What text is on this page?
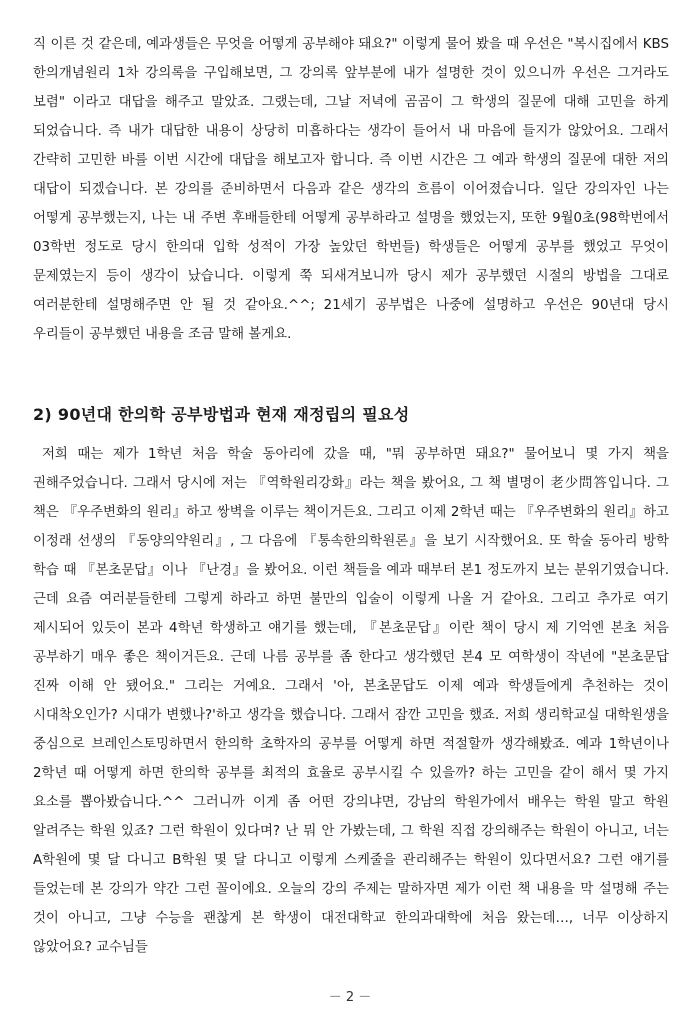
직 이른 것 같은데, 예과생들은 무엇을 어떻게 공부해야 돼요?" 이렇게 물어 봤을 때 우선은 "복시집에서 KBS 한의개념원리 1차 강의록을 구입해보면, 그 강의록 앞부분에 내가 설명한 것이 있으니까 우선은 그거라도 보렴" 이라고 대답을 해주고 말았죠. 그랬는데, 그날 저녁에 곰곰이 그 학생의 질문에 대해 고민을 하게 되었습니다. 즉 내가 대답한 내용이 상당히 미흡하다는 생각이 들어서 내 마음에 들지가 않았어요. 그래서 간략히 고민한 바를 이번 시간에 대답을 해보고자 합니다. 즉 이번 시간은 그 예과 학생의 질문에 대한 저의 대답이 되겠습니다. 본 강의를 준비하면서 다음과 같은 생각의 흐름이 이어졌습니다. 일단 강의자인 나는 어떻게 공부했는지, 나는 내 주변 후배들한테 어떻게 공부하라고 설명을 했었는지, 또한 9월0초(98학번에서 03학번 정도로 당시 한의대 입학 성적이 가장 높았던 학번들) 학생들은 어떻게 공부를 했었고 무엇이 문제였는지 등이 생각이 났습니다. 이렇게 쭉 되새겨보니까 당시 제가 공부했던 시절의 방법을 그대로 여러분한테 설명해주면 안 될 것 같아요.^^; 21세기 공부법은 나중에 설명하고 우선은 90년대 당시 우리들이 공부했던 내용을 조금 말해 볼게요.

2) 90년대 한의학 공부방법과 현재 재정립의 필요성

저희 때는 제가 1학년 처음 학술 동아리에 갔을 때, "뭐 공부하면 돼요?" 물어보니 몇 가지 책을 권해주었습니다. 그래서 당시에 저는 『역학원리강화』라는 책을 봤어요, 그 책 별명이 老少問答입니다. 그 책은 『우주변화의 원리』하고 쌍벽을 이루는 책이거든요. 그리고 이제 2학년 때는 『우주변화의 원리』하고 이정래 선생의 『동양의약원리』, 그 다음에 『통속한의학원론』을 보기 시작했어요. 또 학술 동아리 방학 학습 때 『본초문답』이나 『난경』을 봤어요. 이런 책들을 예과 때부터 본1 정도까지 보는 분위기였습니다. 근데 요즘 여러분들한테 그렇게 하라고 하면 불만의 입술이 이렇게 나올 거 같아요. 그리고 추가로 여기 제시되어 있듯이 본과 4학년 학생하고 얘기를 했는데, 『본초문답』이란 책이 당시 제 기억엔 본초 처음 공부하기 매우 좋은 책이거든요. 근데 나름 공부를 좀 한다고 생각했던 본4 모 여학생이 작년에 "본초문답 진짜 이해 안 됐어요." 그리는 거예요. 그래서 '아, 본초문답도 이제 예과 학생들에게 추천하는 것이 시대착오인가? 시대가 변했나?'하고 생각을 했습니다. 그래서 잠깐 고민을 했죠. 저희 생리학교실 대학원생을 중심으로 브레인스토밍하면서 한의학 초학자의 공부를 어떻게 하면 적절할까 생각해봤죠. 예과 1학년이나 2학년 때 어떻게 하면 한의학 공부를 최적의 효율로 공부시킬 수 있을까? 하는 고민을 같이 해서 몇 가지 요소를 뽑아봤습니다.^^ 그러니까 이게 좀 어떤 강의냐면, 강남의 학원가에서 배우는 학원 말고 학원 알려주는 학원 있죠? 그런 학원이 있다며? 난 뭐 안 가봤는데, 그 학원 직접 강의해주는 학원이 아니고, 너는 A학원에 몇 달 다니고 B학원 몇 달 다니고 이렇게 스케줄을 관리해주는 학원이 있다면서요? 그런 얘기를 들었는데 본 강의가 약간 그런 꼴이에요. 오늘의 강의 주제는 말하자면 제가 이런 책 내용을 막 설명해 주는 것이 아니고, 그냥 수능을 괜찮게 본 학생이 대전대학교 한의과대학에 처음 왔는데…, 너무 이상하지 않았어요? 교수님들

－ 2 －
